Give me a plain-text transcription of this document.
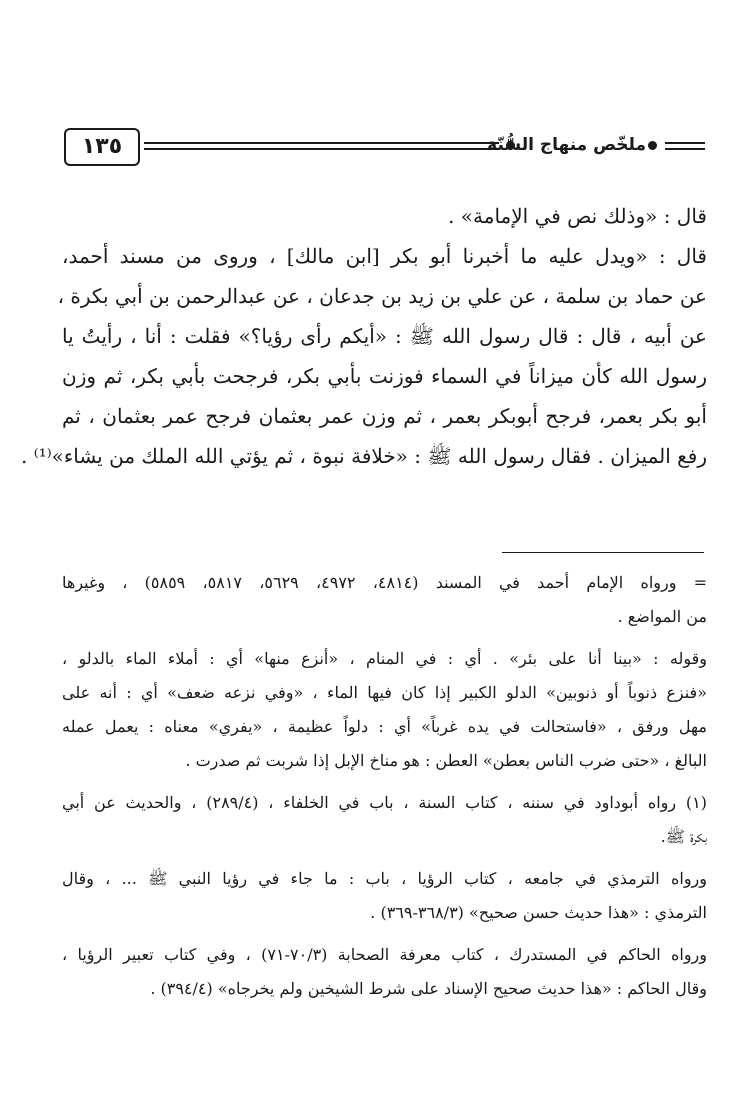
١٣٥	ملخّص منهاج السُّنّة

قال : «وذلك نص في الإمامة» .

قال : «ويدل عليه ما أخبرنا أبو بكر [ابن مالك] ، وروى من مسند أحمد،

عن حماد بن سلمة ، عن علي بن زيد بن جدعان ، عن عبدالرحمن بن أبي بكرة ،

عن أبيه ، قال : قال رسول الله ﷺ : «أيكم رأى رؤيا؟» فقلت : أنا ، رأيتُ يا

رسول الله كأن ميزاناً في السماء فوزنت بأبي بكر، فرجحت بأبي بكر، ثم وزن

أبو بكر بعمر، فرجح أبوبكر بعمر ، ثم وزن عمر بعثمان فرجح عمر بعثمان ، ثم

رفع الميزان . فقال رسول الله ﷺ : «خلافة نبوة ، ثم يؤتي الله الملك من يشاء»⁽¹⁾ .

= ورواه الإمام أحمد في المسند (٤٨١٤، ٤٩٧٢، ٥٦٢٩، ٥٨١٧، ٥٨٥٩) ، وغيرها

من المواضع .

وقوله : «بينا أنا على بئر» . أي : في المنام ، «أنزع منها» أي : أملاء الماء بالدلو ،

«فنزع ذنوباً أو ذنوبين» الدلو الكبير إذا كان فيها الماء ، «وفي نزعه ضعف» أي : أنه على

مهل ورفق ، «فاستحالت في يده غرباً» أي : دلواً عظيمة ، «يفري» معناه : يعمل عمله

البالغ ، «حتى ضرب الناس بعطن» العطن : هو مناخ الإبل إذا شربت ثم صدرت .

(١) رواه أبوداود في سننه ، كتاب السنة ، باب في الخلفاء ، (٢٨٩/٤) ، والحديث عن أبي

بكرة ﷺ.

ورواه الترمذي في جامعه ، كتاب الرؤيا ، باب : ما جاء في رؤيا النبي ﷺ ... ، وقال

الترمذي : «هذا حديث حسن صحيح» (٣٦٨/٣-٣٦٩) .

ورواه الحاكم في المستدرك ، كتاب معرفة الصحابة (٧٠/٣-٧١) ، وفي كتاب تعبير الرؤيا ،

وقال الحاكم : «هذا حديث صحيح الإسناد على شرط الشيخين ولم يخرجاه» (٣٩٤/٤) .
